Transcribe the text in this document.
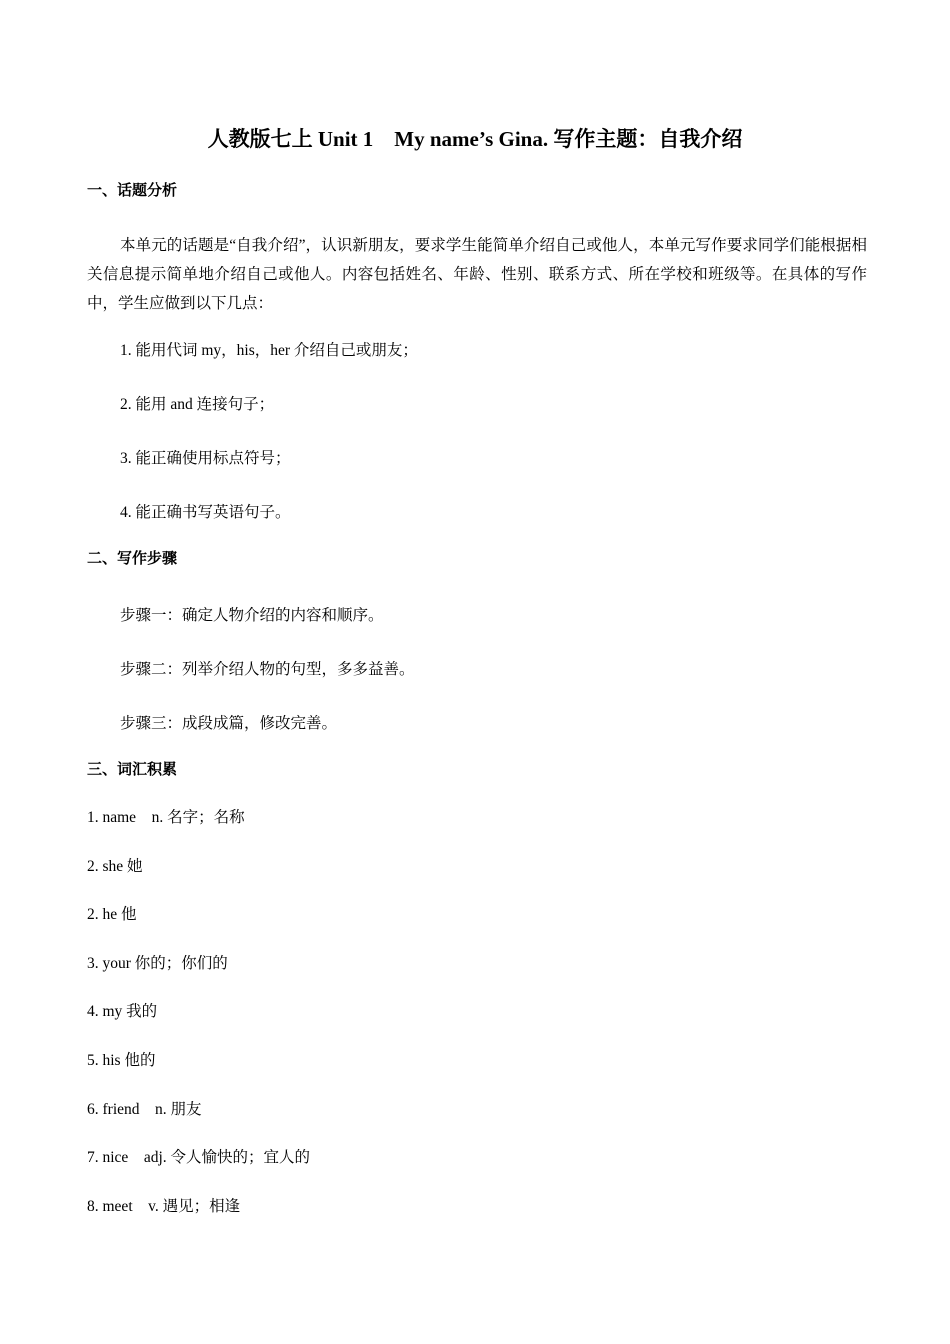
人教版七上 Unit 1　My name’s Gina. 写作主题：自我介绍
一、话题分析
本单元的话题是“自我介绍”，认识新朋友，要求学生能简单介绍自己或他人，本单元写作要求同学们能根据相关信息提示简单地介绍自己或他人。内容包括姓名、年龄、性别、联系方式、所在学校和班级等。在具体的写作中，学生应做到以下几点：
1. 能用代词 my，his，her 介绍自己或朋友；
2. 能用 and 连接句子；
3. 能正确使用标点符号；
4. 能正确书写英语句子。
二、写作步骤
步骤一：确定人物介绍的内容和顺序。
步骤二：列举介绍人物的句型，多多益善。
步骤三：成段成篇，修改完善。
三、词汇积累
1. name　n. 名字；名称
2. she 她
2. he 他
3. your 你的；你们的
4. my 我的
5. his 他的
6. friend　n. 朋友
7. nice　adj. 令人愉快的；宜人的
8. meet　v. 遇见；相逢
